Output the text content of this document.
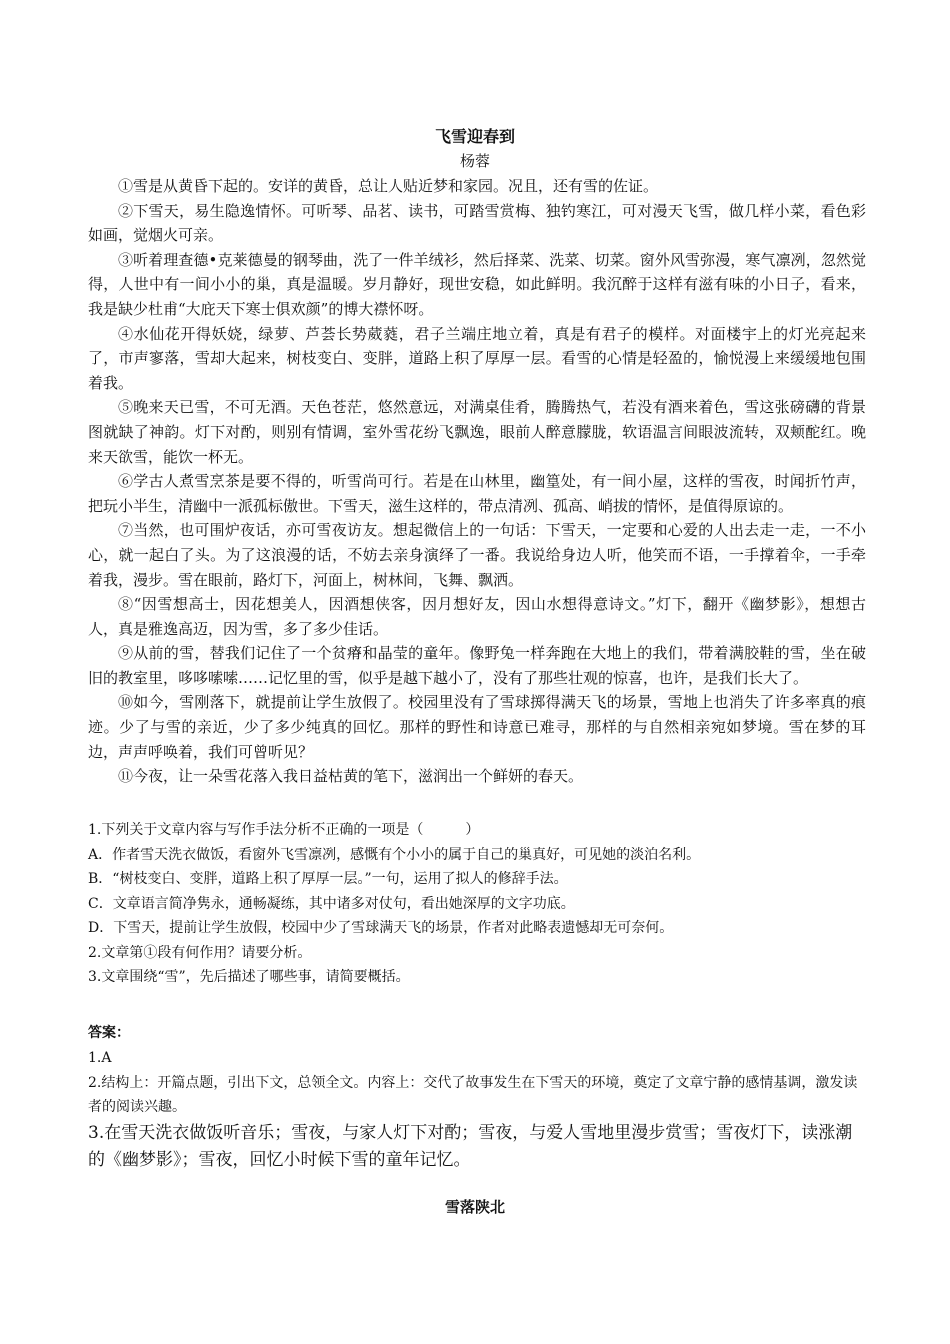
飞雪迎春到
杨蓉

①雪是从黄昏下起的。安详的黄昏，总让人贴近梦和家园。况且，还有雪的佐证。

②下雪天，易生隐逸情怀。可听琴、品茗、读书，可踏雪赏梅、独钓寒江，可对漫天飞雪，做几样小菜，看色彩如画，觉烟火可亲。

③听着理查德•克莱德曼的钢琴曲，洗了一件羊绒衫，然后择菜、洗菜、切菜。窗外风雪弥漫，寒气凛冽，忽然觉得，人世中有一间小小的巢，真是温暖。岁月静好，现世安稳，如此鲜明。我沉醉于这样有滋有味的小日子，看来，我是缺少杜甫“大庇天下寒士俱欢颜”的博大襟怀呀。

④水仙花开得妖娆，绿萝、芦荟长势葳蕤，君子兰端庄地立着，真是有君子的模样。对面楼宇上的灯光亮起来了，市声寥落，雪却大起来，树枝变白、变胖，道路上积了厚厚一层。看雪的心情是轻盈的，愉悦漫上来缓缓地包围着我。

⑤晚来天已雪，不可无酒。天色苍茫，悠然意远，对满桌佳肴，腾腾热气，若没有酒来着色，雪这张磅礴的背景图就缺了神韵。灯下对酌，则别有情调，室外雪花纷飞飘逸，眼前人醉意朦胧，软语温言间眼波流转，双颊酡红。晚来天欲雪，能饮一杯无。

⑥学古人煮雪烹茶是要不得的，听雪尚可行。若是在山林里，幽篁处，有一间小屋，这样的雪夜，时闻折竹声，把玩小半生，清幽中一派孤标傲世。下雪天，滋生这样的，带点清冽、孤高、峭拔的情怀，是值得原谅的。

⑦当然，也可围炉夜话，亦可雪夜访友。想起微信上的一句话：下雪天，一定要和心爱的人出去走一走，一不小心，就一起白了头。为了这浪漫的话，不妨去亲身演绎了一番。我说给身边人听，他笑而不语，一手撑着伞，一手牵着我，漫步。雪在眼前，路灯下，河面上，树林间，飞舞、飘洒。

⑧“因雪想高士，因花想美人，因酒想侠客，因月想好友，因山水想得意诗文。”灯下，翻开《幽梦影》，想想古人，真是雅逸高迈，因为雪，多了多少佳话。

⑨从前的雪，替我们记住了一个贫瘠和晶莹的童年。像野兔一样奔跑在大地上的我们，带着满胶鞋的雪，坐在破旧的教室里，哆哆嗦嗦……记忆里的雪，似乎是越下越小了，没有了那些壮观的惊喜，也许，是我们长大了。

⑩如今，雪刚落下，就提前让学生放假了。校园里没有了雪球掷得满天飞的场景，雪地上也消失了许多率真的痕迹。少了与雪的亲近，少了多少纯真的回忆。那样的野性和诗意已难寻，那样的与自然相亲宛如梦境。雪在梦的耳边，声声呼唤着，我们可曾听见？

⑪今夜，让一朵雪花落入我日益枯黄的笔下，滋润出一个鲜妍的春天。

1.下列关于文章内容与写作手法分析不正确的一项是（　　　）

A．作者雪天洗衣做饭，看窗外飞雪凛冽，感慨有个小小的属于自己的巢真好，可见她的淡泊名利。

B．“树枝变白、变胖，道路上积了厚厚一层。”一句，运用了拟人的修辞手法。

C．文章语言简净隽永，通畅凝练，其中诸多对仗句，看出她深厚的文字功底。

D．下雪天，提前让学生放假，校园中少了雪球满天飞的场景，作者对此略表遗憾却无可奈何。

2.文章第①段有何作用？请要分析。

3.文章围绕“雪”，先后描述了哪些事，请简要概括。

答案：

1.A

2.结构上：开篇点题，引出下文，总领全文。内容上：交代了故事发生在下雪天的环境，奠定了文章宁静的感情基调，激发读者的阅读兴趣。

3.在雪天洗衣做饭听音乐；雪夜，与家人灯下对酌；雪夜，与爱人雪地里漫步赏雪；雪夜灯下，读涨潮的《幽梦影》；雪夜，回忆小时候下雪的童年记忆。

雪落陕北
